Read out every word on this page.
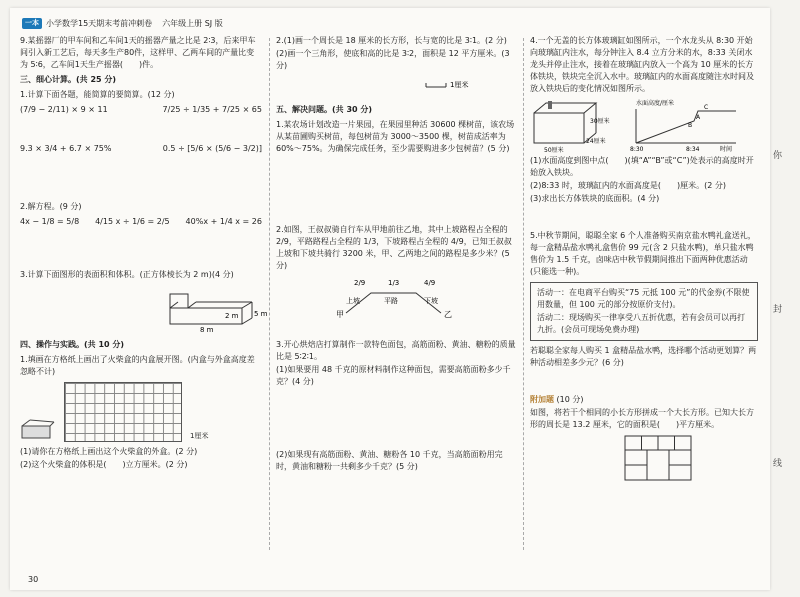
一本 小学数学15天期末考前冲刺卷 六年级上册 SJ 版

9.某摇器厂的甲车间和乙车间1天的摇器产量之比是 2∶3，后来甲车间引入新工艺后，每天多生产80件，这样甲、乙两车间的产量比变为 5∶6，乙车间1天生产摇器(　　)件。

三、细心计算。(共 25 分)

1.计算下面各题，能简算的要简算。(12 分)

(7/9 − 2/11) × 9 × 11	7/25 ÷ 1/35 + 7/25 × 65
9.3 × 3/4 + 6.7 × 75%	0.5 ÷ [5/6 × (5/6 − 3/2)]

2.解方程。(9 分)

4x − 1/8 = 5/8 4/15 x ÷ 1/6 = 2/5 40%x + 1/4 x = 26

3.计算下面图形的表面积和体积。(正方体棱长为 2 m)(4 分)

2 m 5 m
8 m
四、操作与实践。(共 10 分)

1.填画在方格纸上画出了火柴盒的内盒展开图。(内盒与外盒高度差忽略不计)

1厘米

(1)请你在方格纸上画出这个火柴盒的外盒。(2 分)

(2)这个火柴盒的体积是(　　)立方厘米。(2 分)

2.(1)画一个周长是 18 厘米的长方形，长与宽的比是 3∶1。(2 分)

(2)画一个三角形，使底和高的比是 3∶2，面积是 12 平方厘米。(3 分)

1厘米
五、解决问题。(共 30 分)

1.某农场计划改造一片果园，在果园里种活 30600 棵树苗，该农场从某苗圃购买树苗，每包树苗为 3000～3500 棵，树苗成活率为 60%～75%。为确保完成任务，至少需要购进多少包树苗？(5 分)

2.如图，王叔叔骑自行车从甲地前往乙地，其中上坡路程占全程的 2/9，平路路程占全程的 1/3，下坡路程占全程的 4/9，已知王叔叔上坡和下坡共骑行 3200 米，甲、乙两地之间的路程是多少米？(5 分)

甲	乙
2/9	1/3	4/9
上坡	平路	下坡

3.开心烘焙店打算制作一款特色面包，高筋面粉、黄油、糖粉的质量比是 5∶2∶1。

(1)如果要用 48 千克的原材料制作这种面包，需要高筋面粉多少千克？(4 分)

(2)如果现有高筋面粉、黄油、糖粉各 10 千克，当高筋面粉用完时，黄油和糖粉一共剩多少千克？(5 分)

4.一个无盖的长方体玻璃缸如图所示，一个水龙头从 8:30 开始向玻璃缸内注水，每分钟注入 8.4 立方分米的水，8:33 关闭水龙头并停止注水，接着在玻璃缸内放入一个高为 10 厘米的长方体铁块，铁块完全沉入水中。玻璃缸内的水面高度随注水时间及放入铁块后的变化情况如图所示。

30厘米
24厘米
50厘米
水面高度/厘米
A
B
C
8:30	8:34	时间

(1)水面高度到图中点(　　)(填“A”“B”或“C”)处表示的高度时开始放入铁块。

(2)8:33 时，玻璃缸内的水面高度是(　　)厘米。(2 分)

(3)求出长方体铁块的底面积。(4 分)

5.中秋节期间，聪聪全家 6 个人准备购买南京盐水鸭礼盒送礼，每一盒精品盐水鸭礼盒售价 99 元(含 2 只盐水鸭)，单只盐水鸭售价为 1.5 千克，卤味店中秋节假期间推出下面两种优惠活动(只能选一种)。

活动一：在电商平台购买“75 元抵 100 元”的代金券(不限使用数量，但 100 元的部分按原价支付)。

活动二：现场购买一律享受八五折优惠，若有会员可以再打九折。(会员可现场免费办理)

若聪聪全家每人购买 1 盒精品盐水鸭，选择哪个活动更划算？两种活动相差多少元？(6 分)

附加题 (10 分)

如图，将若干个相同的小长方形拼成一个大长方形。已知大长方形的周长是 13.2 厘米，它的面积是(　　)平方厘米。

30
你
封
线
